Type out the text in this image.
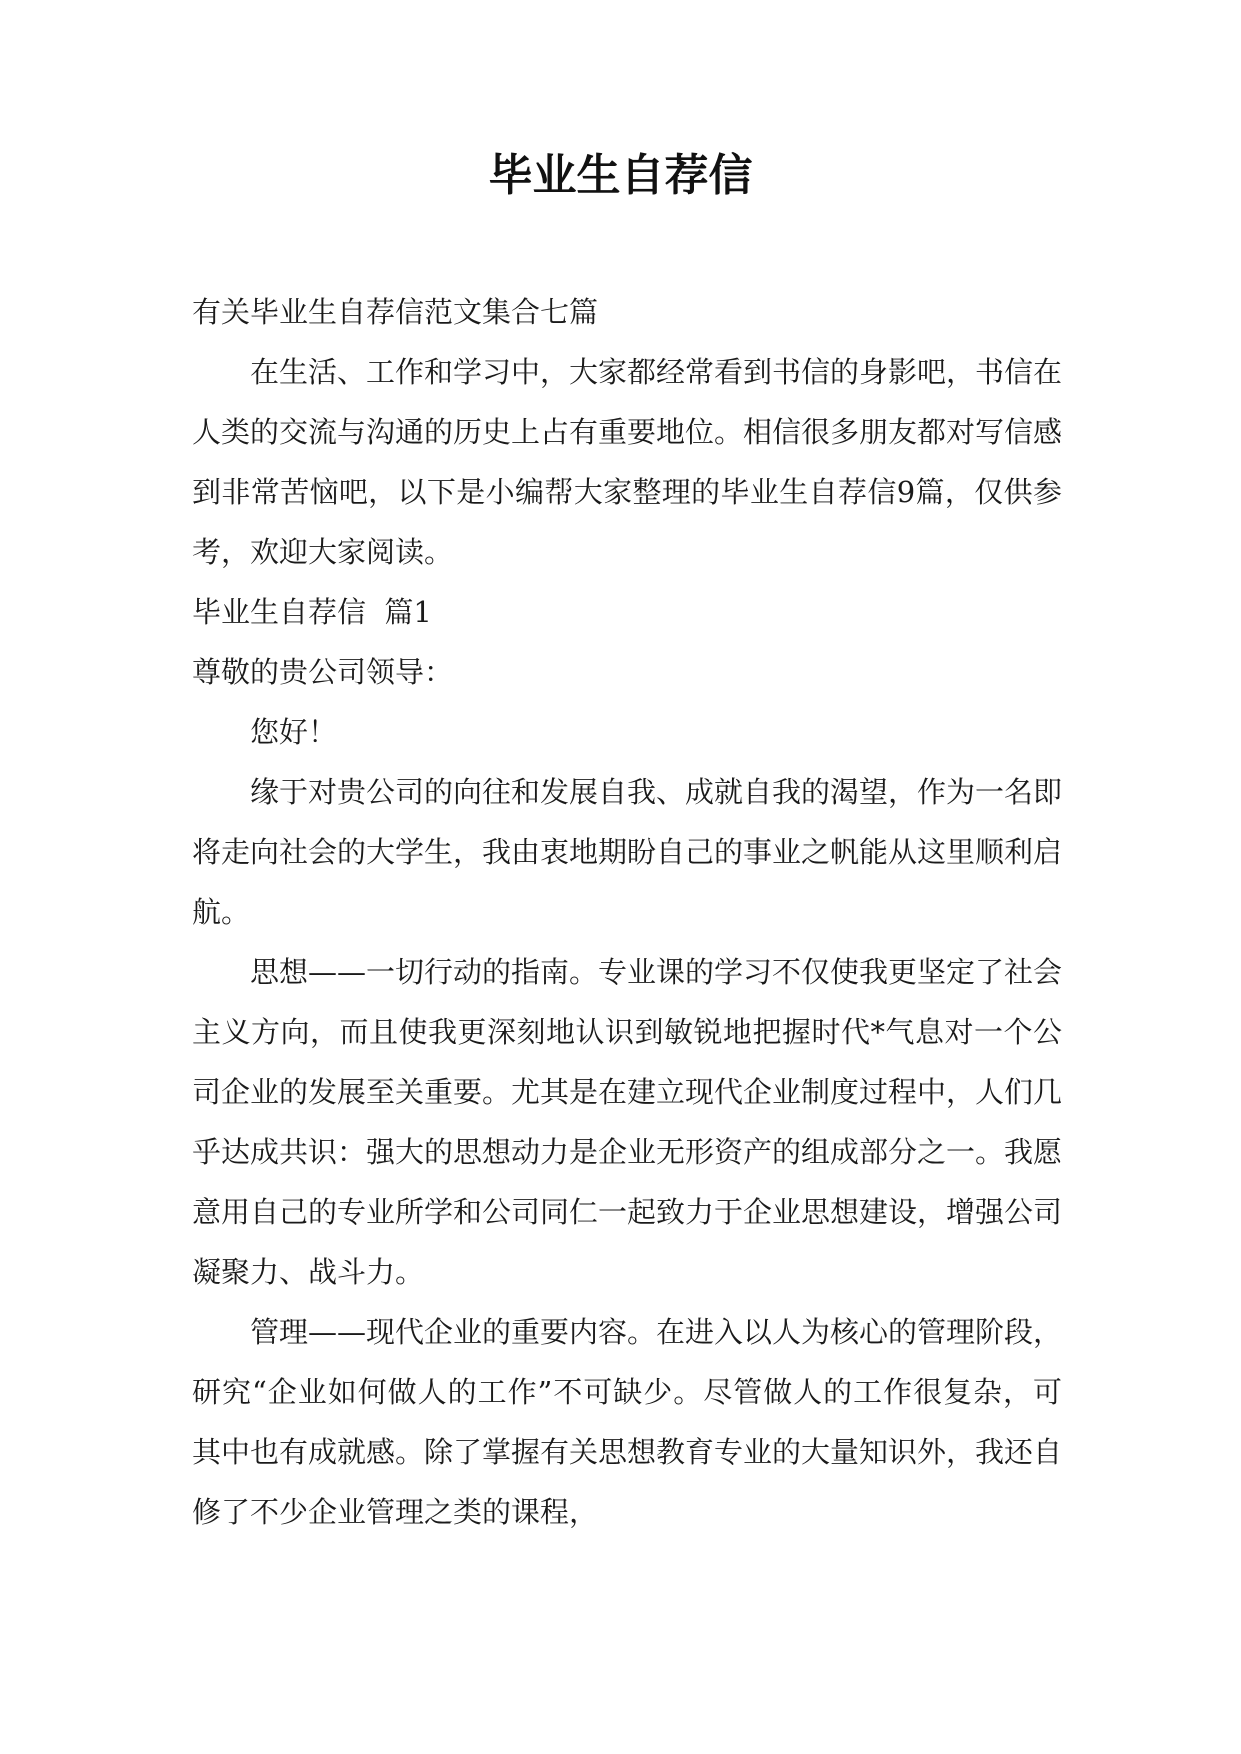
毕业生自荐信

有关毕业生自荐信范文集合七篇

在生活、工作和学习中，大家都经常看到书信的身影吧，书信在人类的交流与沟通的历史上占有重要地位。相信很多朋友都对写信感到非常苦恼吧，以下是小编帮大家整理的毕业生自荐信9篇，仅供参考，欢迎大家阅读。

毕业生自荐信  篇1

尊敬的贵公司领导：

您好！

缘于对贵公司的向往和发展自我、成就自我的渴望，作为一名即将走向社会的大学生，我由衷地期盼自己的事业之帆能从这里顺利启航。

思想——一切行动的指南。专业课的学习不仅使我更坚定了社会主义方向，而且使我更深刻地认识到敏锐地把握时代*气息对一个公司企业的发展至关重要。尤其是在建立现代企业制度过程中，人们几乎达成共识：强大的思想动力是企业无形资产的组成部分之一。我愿意用自己的专业所学和公司同仁一起致力于企业思想建设，增强公司凝聚力、战斗力。

管理——现代企业的重要内容。在进入以人为核心的管理阶段，研究“企业如何做人的工作”不可缺少。尽管做人的工作很复杂，可其中也有成就感。除了掌握有关思想教育专业的大量知识外，我还自修了不少企业管理之类的课程，
